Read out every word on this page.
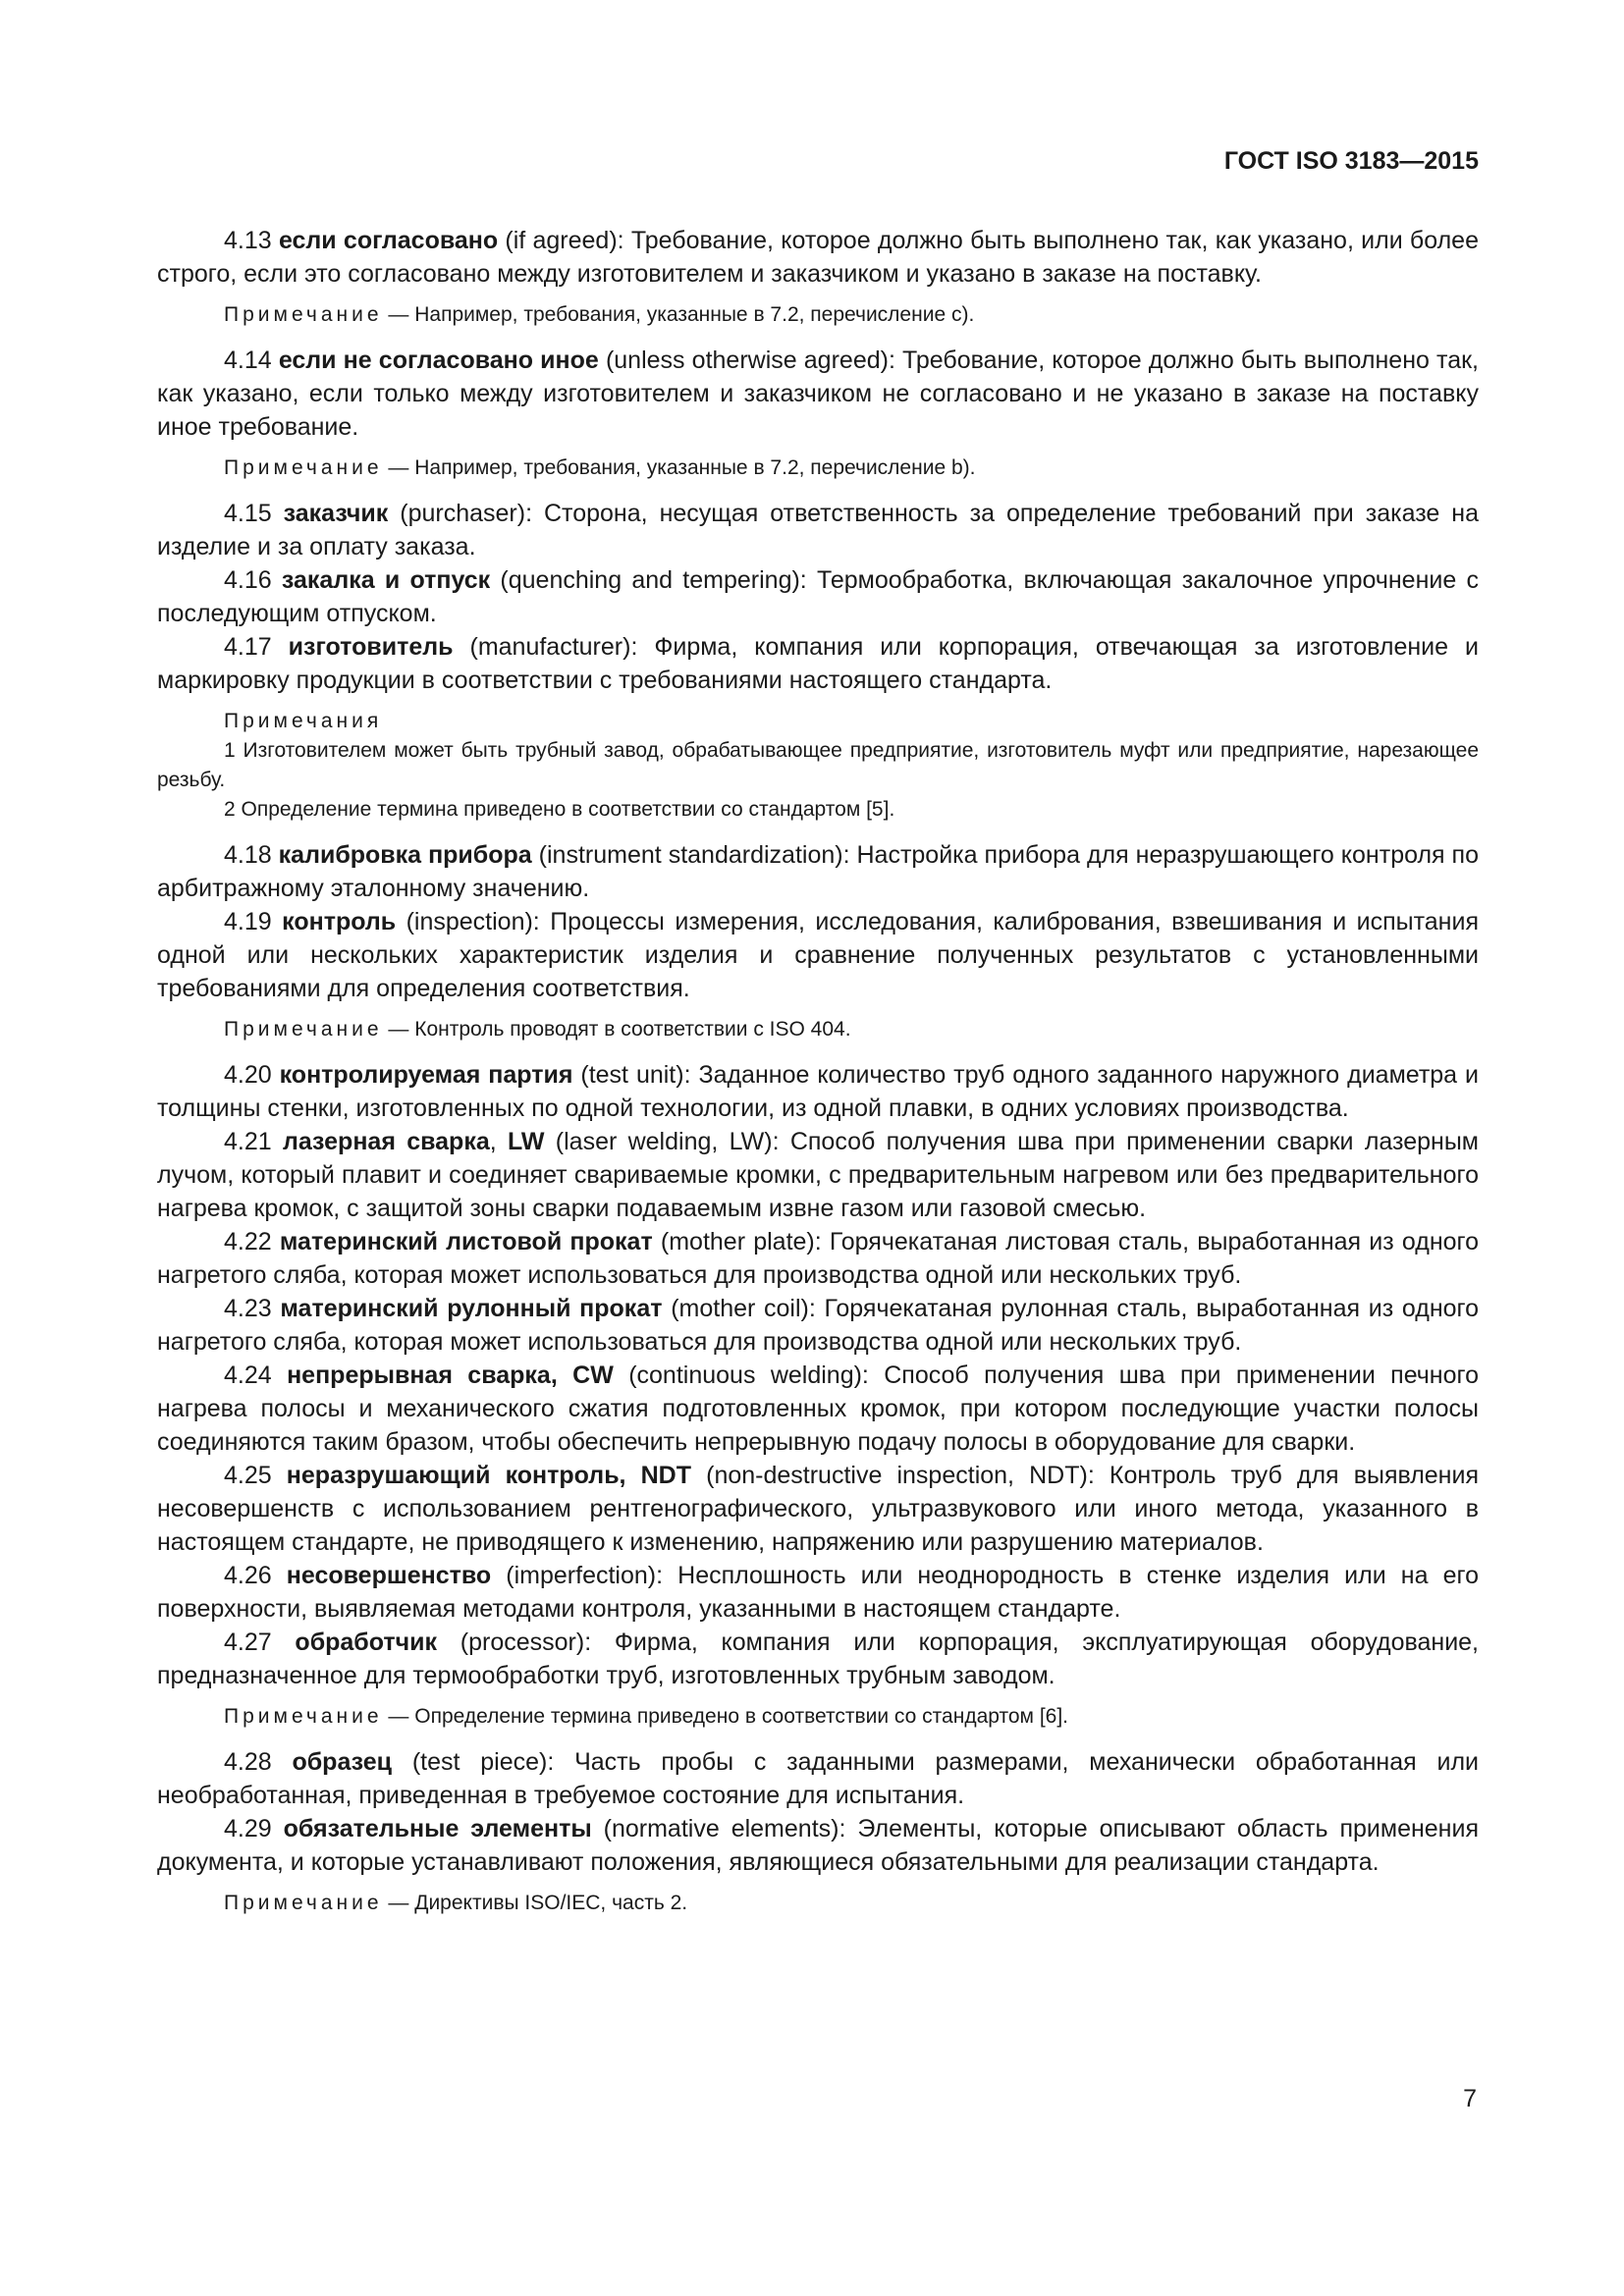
ГОСТ ISO 3183—2015

4.13 если согласовано (if agreed): Требование, которое должно быть выполнено так, как указано, или более строго, если это согласовано между изготовителем и заказчиком и указано в заказе на поставку.

Примечание — Например, требования, указанные в 7.2, перечисление c).

4.14 если не согласовано иное (unless otherwise agreed): Требование, которое должно быть выполнено так, как указано, если только между изготовителем и заказчиком не согласовано и не указано в заказе на поставку иное требование.

Примечание — Например, требования, указанные в 7.2, перечисление b).

4.15 заказчик (purchaser): Сторона, несущая ответственность за определение требований при заказе на изделие и за оплату заказа.

4.16 закалка и отпуск (quenching and tempering): Термообработка, включающая закалочное упрочнение с последующим отпуском.

4.17 изготовитель (manufacturer): Фирма, компания или корпорация, отвечающая за изготовление и маркировку продукции в соответствии с требованиями настоящего стандарта.

Примечания
1 Изготовителем может быть трубный завод, обрабатывающее предприятие, изготовитель муфт или предприятие, нарезающее резьбу.
2 Определение термина приведено в соответствии со стандартом [5].

4.18 калибровка прибора (instrument standardization): Настройка прибора для неразрушающего контроля по арбитражному эталонному значению.

4.19 контроль (inspection): Процессы измерения, исследования, калибрования, взвешивания и испытания одной или нескольких характеристик изделия и сравнение полученных результатов с установленными требованиями для определения соответствия.

Примечание — Контроль проводят в соответствии с ISO 404.

4.20 контролируемая партия (test unit): Заданное количество труб одного заданного наружного диаметра и толщины стенки, изготовленных по одной технологии, из одной плавки, в одних условиях производства.

4.21 лазерная сварка, LW (laser welding, LW): Способ получения шва при применении сварки лазерным лучом, который плавит и соединяет свариваемые кромки, с предварительным нагревом или без предварительного нагрева кромок, с защитой зоны сварки подаваемым извне газом или газовой смесью.

4.22 материнский листовой прокат (mother plate): Горячекатаная листовая сталь, выработанная из одного нагретого сляба, которая может использоваться для производства одной или нескольких труб.

4.23 материнский рулонный прокат (mother coil): Горячекатаная рулонная сталь, выработанная из одного нагретого сляба, которая может использоваться для производства одной или нескольких труб.

4.24 непрерывная сварка, CW (continuous welding): Способ получения шва при применении печного нагрева полосы и механического сжатия подготовленных кромок, при котором последующие участки полосы соединяются таким бразом, чтобы обеспечить непрерывную подачу полосы в оборудование для сварки.

4.25 неразрушающий контроль, NDT (non-destructive inspection, NDT): Контроль труб для выявления несовершенств с использованием рентгенографического, ультразвукового или иного метода, указанного в настоящем стандарте, не приводящего к изменению, напряжению или разрушению материалов.

4.26 несовершенство (imperfection): Несплошность или неоднородность в стенке изделия или на его поверхности, выявляемая методами контроля, указанными в настоящем стандарте.

4.27 обработчик (processor): Фирма, компания или корпорация, эксплуатирующая оборудование, предназначенное для термообработки труб, изготовленных трубным заводом.

Примечание — Определение термина приведено в соответствии со стандартом [6].

4.28 образец (test piece): Часть пробы с заданными размерами, механически обработанная или необработанная, приведенная в требуемое состояние для испытания.

4.29 обязательные элементы (normative elements): Элементы, которые описывают область применения документа, и которые устанавливают положения, являющиеся обязательными для реализации стандарта.

Примечание — Директивы ISO/IEC, часть 2.

7
